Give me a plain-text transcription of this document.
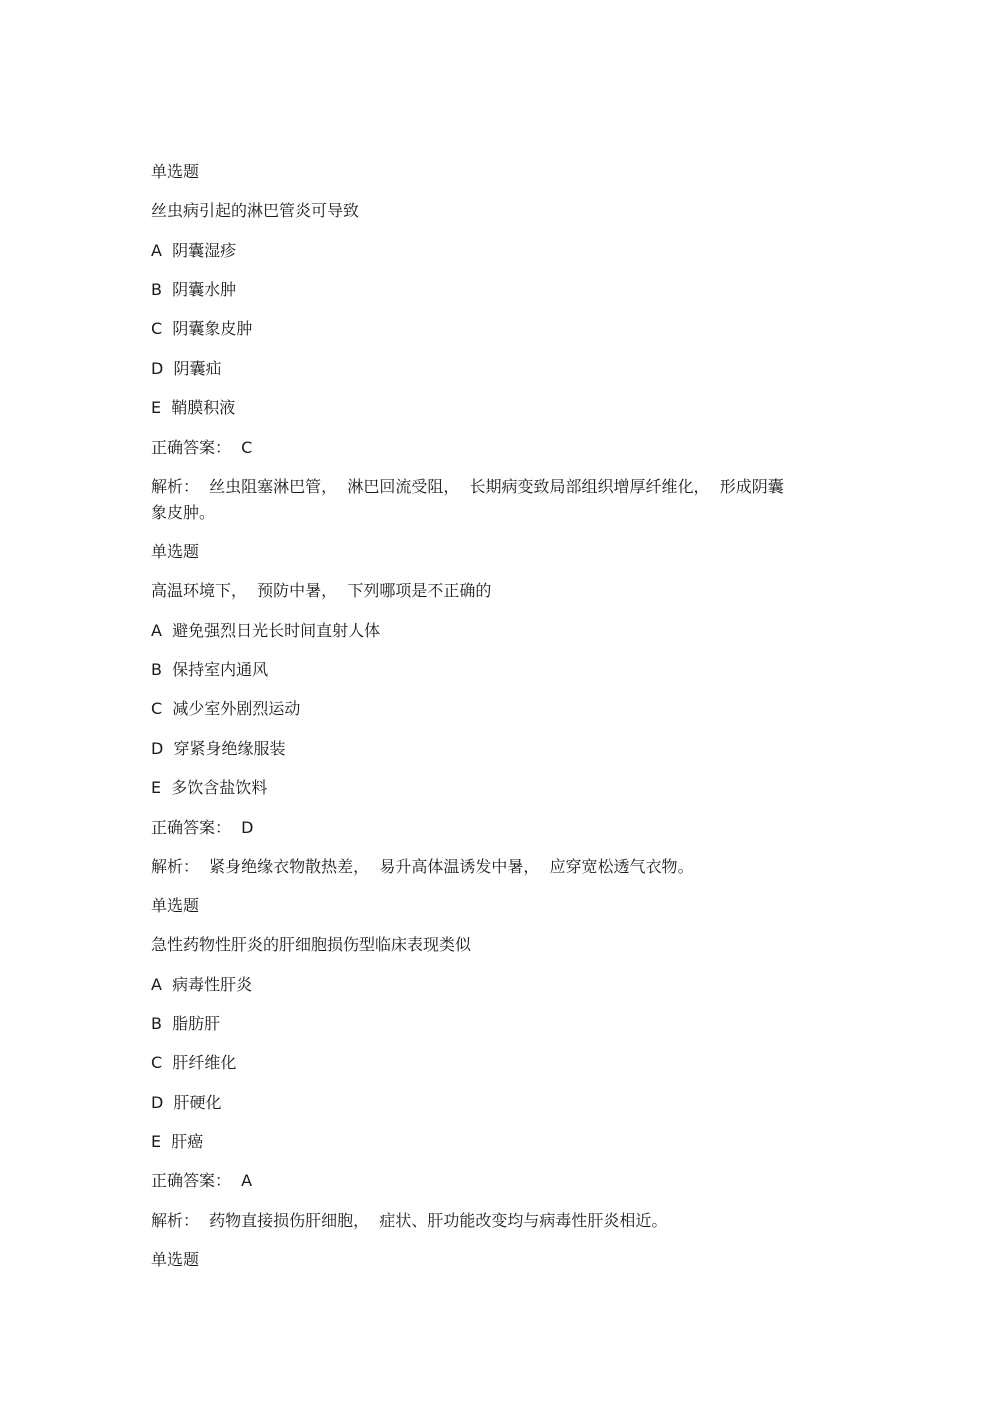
单选题
丝虫病引起的淋巴管炎可导致
A  阴囊湿疹
B  阴囊水肿
C  阴囊象皮肿
D  阴囊疝
E  鞘膜积液
正确答案：  C
解析：  丝虫阻塞淋巴管，  淋巴回流受阻，  长期病变致局部组织增厚纤维化，  形成阴囊
象皮肿。
单选题
高温环境下，  预防中暑，  下列哪项是不正确的
A  避免强烈日光长时间直射人体
B  保持室内通风
C  减少室外剧烈运动
D  穿紧身绝缘服装
E  多饮含盐饮料
正确答案：  D
解析：  紧身绝缘衣物散热差，  易升高体温诱发中暑，  应穿宽松透气衣物。
单选题
急性药物性肝炎的肝细胞损伤型临床表现类似
A  病毒性肝炎
B  脂肪肝
C  肝纤维化
D  肝硬化
E  肝癌
正确答案：  A
解析：  药物直接损伤肝细胞，  症状、肝功能改变均与病毒性肝炎相近。
单选题
